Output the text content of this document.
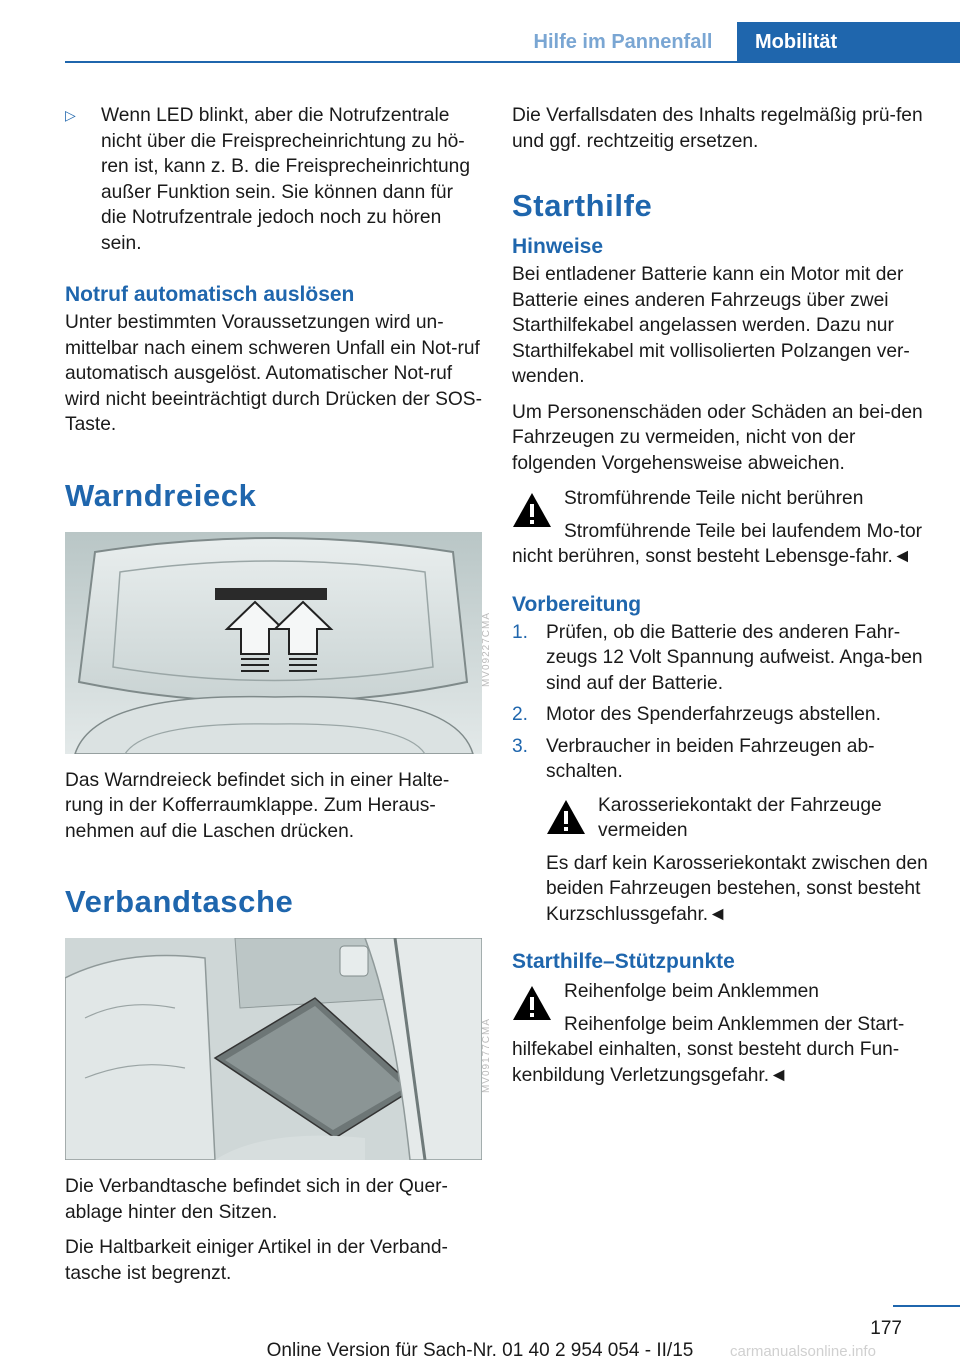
Hilfe im Pannenfall	Mobilität
▷	Wenn LED blinkt, aber die Notrufzentrale nicht über die Freisprecheinrichtung zu hö‐ren ist, kann z. B. die Freisprecheinrichtung außer Funktion sein. Sie können dann für die Notrufzentrale jedoch noch zu hören sein.
Notruf automatisch auslösen

Unter bestimmten Voraussetzungen wird un‐mittelbar nach einem schweren Unfall ein Not‐ruf automatisch ausgelöst. Automatischer Not‐ruf wird nicht beeinträchtigt durch Drücken der SOS-Taste.

Warndreieck
MV09227CMA

Das Warndreieck befindet sich in einer Halte‐rung in der Kofferraumklappe. Zum Heraus‐nehmen auf die Laschen drücken.

Verbandtasche
MV09177CMA

Die Verbandtasche befindet sich in der Quer‐ablage hinter den Sitzen.

Die Haltbarkeit einiger Artikel in der Verband‐tasche ist begrenzt.

Die Verfallsdaten des Inhalts regelmäßig prü‐fen und ggf. rechtzeitig ersetzen.

Starthilfe
Hinweise

Bei entladener Batterie kann ein Motor mit der Batterie eines anderen Fahrzeugs über zwei Starthilfekabel angelassen werden. Dazu nur Starthilfekabel mit vollisolierten Polzangen ver‐wenden.

Um Personenschäden oder Schäden an bei‐den Fahrzeugen zu vermeiden, nicht von der folgenden Vorgehensweise abweichen.

Stromführende Teile nicht berühren

Stromführende Teile bei laufendem Mo‐tor nicht berühren, sonst besteht Lebensge‐fahr.◄

Vorbereitung
1. Prüfen, ob die Batterie des anderen Fahr‐zeugs 12 Volt Spannung aufweist. Anga‐ben sind auf der Batterie.
2. Motor des Spenderfahrzeugs abstellen.
3. Verbraucher in beiden Fahrzeugen ab‐schalten.

Karosseriekontakt der Fahrzeuge vermeiden

Es darf kein Karosseriekontakt zwischen den beiden Fahrzeugen bestehen, sonst besteht Kurzschlussgefahr.◄

Starthilfe–Stützpunkte

Reihenfolge beim Anklemmen

Reihenfolge beim Anklemmen der Start‐hilfekabel einhalten, sonst besteht durch Fun‐kenbildung Verletzungsgefahr.◄

177
Online Version für Sach-Nr. 01 40 2 954 054 - II/15	carmanualsonline.info
